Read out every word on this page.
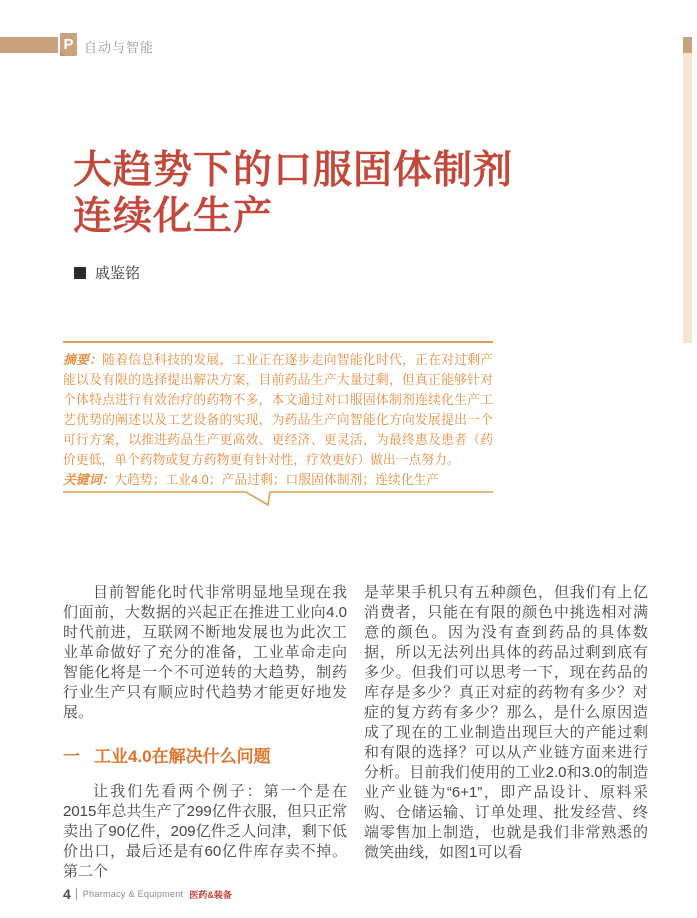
P 自动与智能
大趋势下的口服固体制剂
连续化生产
戚鉴铭
摘要：随着信息科技的发展，工业正在逐步走向智能化时代，正在对过剩产能以及有限的选择提出解决方案，目前药品生产大量过剩，但真正能够针对个体特点进行有效治疗的药物不多，本文通过对口服固体制剂连续化生产工艺优势的阐述以及工艺设备的实现，为药品生产向智能化方向发展提出一个可行方案，以推进药品生产更高效、更经济、更灵活，为最终惠及患者（药价更低，单个药物或复方药物更有针对性，疗效更好）做出一点努力。
关键词：大趋势；工业4.0；产品过剩；口服固体制剂；连续化生产

目前智能化时代非常明显地呈现在我们面前，大数据的兴起正在推进工业向4.0时代前进，互联网不断地发展也为此次工业革命做好了充分的准备，工业革命走向智能化将是一个不可逆转的大趋势，制药行业生产只有顺应时代趋势才能更好地发展。

一 工业4.0在解决什么问题

让我们先看两个例子：第一个是在2015年总共生产了299亿件衣服，但只正常卖出了90亿件，209亿件乏人问津，剩下低价出口，最后还是有60亿件库存卖不掉。第二个

是苹果手机只有五种颜色，但我们有上亿消费者，只能在有限的颜色中挑选相对满意的颜色。因为没有查到药品的具体数据，所以无法列出具体的药品过剩到底有多少。但我们可以思考一下，现在药品的库存是多少？真正对症的药物有多少？对症的复方药有多少？那么，是什么原因造成了现在的工业制造出现巨大的产能过剩和有限的选择？可以从产业链方面来进行分析。目前我们使用的工业2.0和3.0的制造业产业链为“6+1”，即产品设计、原料采购、仓储运输、订单处理、批发经营、终端零售加上制造，也就是我们非常熟悉的微笑曲线，如图1可以看

4 Pharmacy & Equipment 医药&装备
